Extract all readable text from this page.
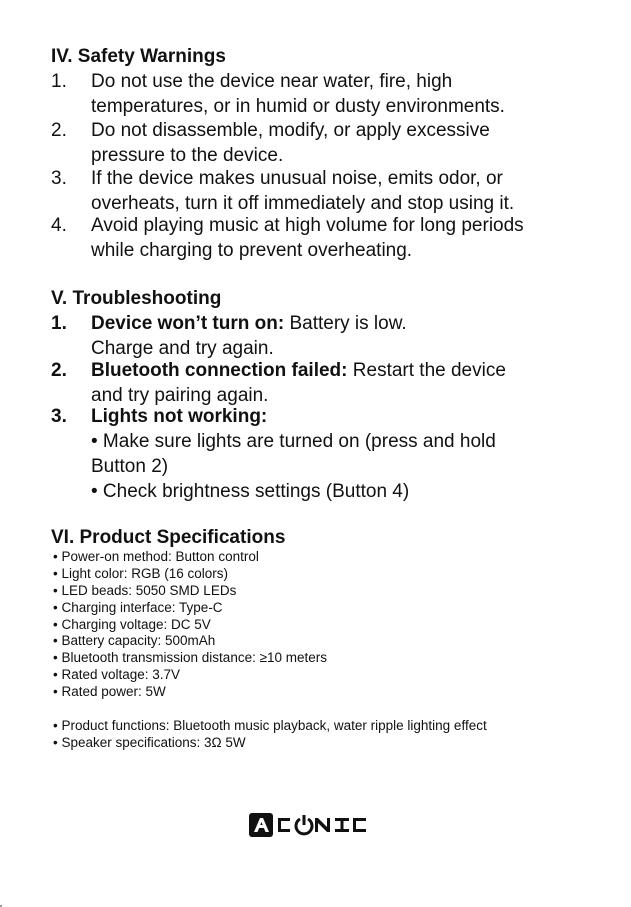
IV. Safety Warnings
1. Do not use the device near water, fire, high
temperatures, or in humid or dusty environments.
2. Do not disassemble, modify, or apply excessive
pressure to the device.
3. If the device makes unusual noise, emits odor, or
overheats, turn it off immediately and stop using it.
4. Avoid playing music at high volume for long periods
while charging to prevent overheating.
V. Troubleshooting
1. Device won’t turn on: Battery is low.
Charge and try again.
2. Bluetooth connection failed: Restart the device
and try pairing again.
3. Lights not working:
• Make sure lights are turned on (press and hold
Button 2)
• Check brightness settings (Button 4)
VI. Product Specifications
• Power-on method: Button control
• Light color: RGB (16 colors)
• LED beads: 5050 SMD LEDs
• Charging interface: Type-C
• Charging voltage: DC 5V
• Battery capacity: 500mAh
• Bluetooth transmission distance: ≥10 meters
• Rated voltage: 3.7V
• Rated power: 5W
• Product functions: Bluetooth music playback, water ripple lighting effect
• Speaker specifications: 3Ω 5W
